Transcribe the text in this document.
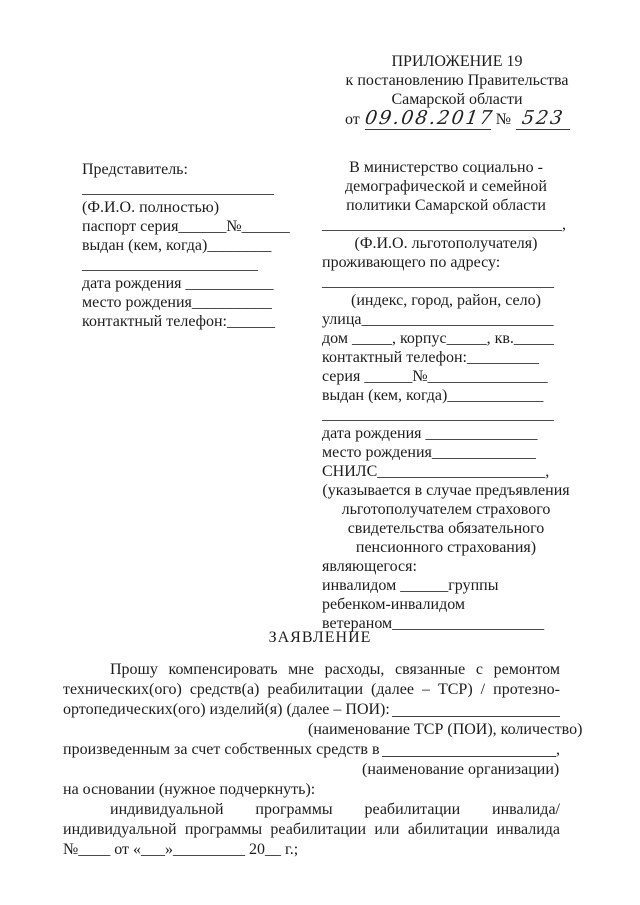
ПРИЛОЖЕНИЕ 19
к постановлению Правительства
Самарской области
от 09.08.2017 № 523
Представитель:
________________________
(Ф.И.О. полностью)
паспорт серия______№______
выдан (кем, когда)________
______________________
дата рождения ___________
место рождения__________
контактный телефон:______
В министерство социально -
демографической и семейной
политики Самарской области
______________________________,
(Ф.И.О. льготополучателя)
проживающего по адресу:
_____________________________
(индекс, город, район, село)
улица________________________
дом _____, корпус_____, кв._____
контактный телефон:_________
серия ______№_______________
выдан (кем, когда)____________
_____________________________
дата рождения ______________
место рождения_____________
СНИЛС_____________________,
(указывается в случае предъявления
льготополучателем страхового
свидетельства обязательного
пенсионного страхования)
являющегося:
инвалидом ______группы
ребенком-инвалидом
ветераном___________________
ЗАЯВЛЕНИЕ
Прошу компенсировать мне расходы, связанные с ремонтом
технических(ого) средств(а) реабилитации (далее – ТСР) / протезно-
ортопедических(ого) изделий(я) (далее – ПОИ):
(наименование ТСР (ПОИ), количество)
произведенным за счет собственных средств в	,
(наименование организации)
на основании (нужное подчеркнуть):
индивидуальной программы реабилитации инвалида/
индивидуальной программы реабилитации или абилитации инвалида
№____ от «___»_________ 20__ г.;
